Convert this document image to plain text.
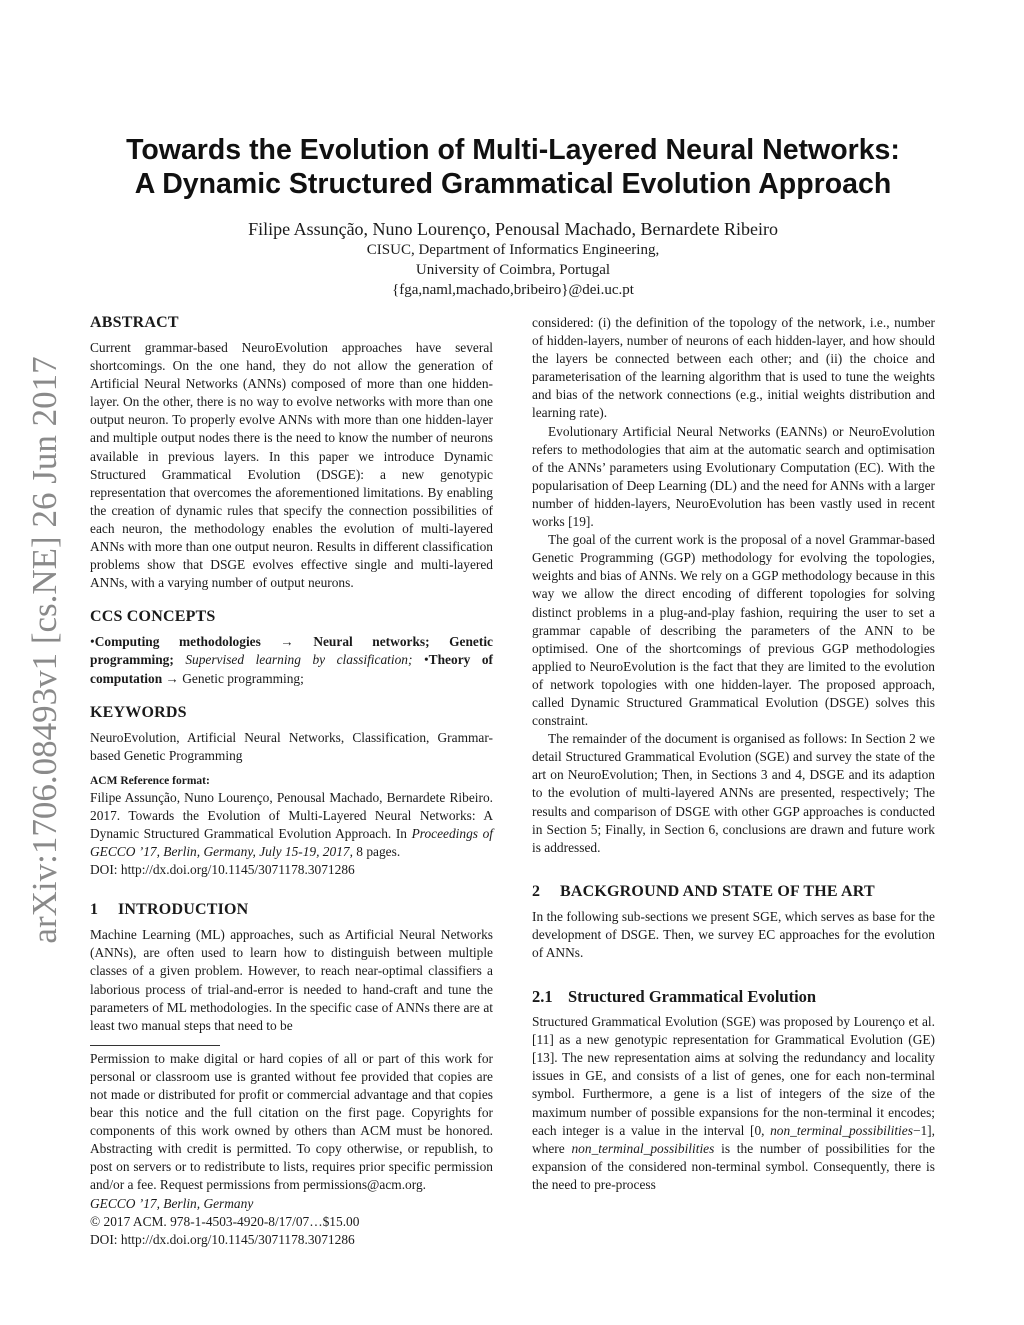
arXiv:1706.08493v1 [cs.NE] 26 Jun 2017
Towards the Evolution of Multi-Layered Neural Networks:
A Dynamic Structured Grammatical Evolution Approach
Filipe Assunção, Nuno Lourenço, Penousal Machado, Bernardete Ribeiro
CISUC, Department of Informatics Engineering,
University of Coimbra, Portugal
{fga,naml,machado,bribeiro}@dei.uc.pt
ABSTRACT

Current grammar-based NeuroEvolution approaches have several shortcomings. On the one hand, they do not allow the generation of Artificial Neural Networks (ANNs) composed of more than one hidden-layer. On the other, there is no way to evolve networks with more than one output neuron. To properly evolve ANNs with more than one hidden-layer and multiple output nodes there is the need to know the number of neurons available in previous layers. In this paper we introduce Dynamic Structured Grammatical Evolution (DSGE): a new genotypic representation that overcomes the aforementioned limitations. By enabling the creation of dynamic rules that specify the connection possibilities of each neuron, the methodology enables the evolution of multi-layered ANNs with more than one output neuron. Results in different classification problems show that DSGE evolves effective single and multi-layered ANNs, with a varying number of output neurons.

CCS CONCEPTS

•Computing methodologies → Neural networks; Genetic programming; Supervised learning by classification; •Theory of computation → Genetic programming;

KEYWORDS

NeuroEvolution, Artificial Neural Networks, Classification, Grammar-based Genetic Programming

ACM Reference format:

Filipe Assunção, Nuno Lourenço, Penousal Machado, Bernardete Ribeiro. 2017. Towards the Evolution of Multi-Layered Neural Networks: A Dynamic Structured Grammatical Evolution Approach. In Proceedings of GECCO ’17, Berlin, Germany, July 15-19, 2017, 8 pages.

DOI: http://dx.doi.org/10.1145/3071178.3071286

1 INTRODUCTION

Machine Learning (ML) approaches, such as Artificial Neural Networks (ANNs), are often used to learn how to distinguish between multiple classes of a given problem. However, to reach near-optimal classifiers a laborious process of trial-and-error is needed to hand-craft and tune the parameters of ML methodologies. In the specific case of ANNs there are at least two manual steps that need to be

Permission to make digital or hard copies of all or part of this work for personal or classroom use is granted without fee provided that copies are not made or distributed for profit or commercial advantage and that copies bear this notice and the full citation on the first page. Copyrights for components of this work owned by others than ACM must be honored. Abstracting with credit is permitted. To copy otherwise, or republish, to post on servers or to redistribute to lists, requires prior specific permission and/or a fee. Request permissions from permissions@acm.org.

GECCO ’17, Berlin, Germany

© 2017 ACM. 978-1-4503-4920-8/17/07…$15.00

DOI: http://dx.doi.org/10.1145/3071178.3071286

considered: (i) the definition of the topology of the network, i.e., number of hidden-layers, number of neurons of each hidden-layer, and how should the layers be connected between each other; and (ii) the choice and parameterisation of the learning algorithm that is used to tune the weights and bias of the network connections (e.g., initial weights distribution and learning rate).

Evolutionary Artificial Neural Networks (EANNs) or NeuroEvolution refers to methodologies that aim at the automatic search and optimisation of the ANNs’ parameters using Evolutionary Computation (EC). With the popularisation of Deep Learning (DL) and the need for ANNs with a larger number of hidden-layers, NeuroEvolution has been vastly used in recent works [19].

The goal of the current work is the proposal of a novel Grammar-based Genetic Programming (GGP) methodology for evolving the topologies, weights and bias of ANNs. We rely on a GGP methodology because in this way we allow the direct encoding of different topologies for solving distinct problems in a plug-and-play fashion, requiring the user to set a grammar capable of describing the parameters of the ANN to be optimised. One of the shortcomings of previous GGP methodologies applied to NeuroEvolution is the fact that they are limited to the evolution of network topologies with one hidden-layer. The proposed approach, called Dynamic Structured Grammatical Evolution (DSGE) solves this constraint.

The remainder of the document is organised as follows: In Section 2 we detail Structured Grammatical Evolution (SGE) and survey the state of the art on NeuroEvolution; Then, in Sections 3 and 4, DSGE and its adaption to the evolution of multi-layered ANNs are presented, respectively; The results and comparison of DSGE with other GGP approaches is conducted in Section 5; Finally, in Section 6, conclusions are drawn and future work is addressed.

2 BACKGROUND AND STATE OF THE ART

In the following sub-sections we present SGE, which serves as base for the development of DSGE. Then, we survey EC approaches for the evolution of ANNs.

2.1 Structured Grammatical Evolution

Structured Grammatical Evolution (SGE) was proposed by Lourenço et al. [11] as a new genotypic representation for Grammatical Evolution (GE) [13]. The new representation aims at solving the redundancy and locality issues in GE, and consists of a list of genes, one for each non-terminal symbol. Furthermore, a gene is a list of integers of the size of the maximum number of possible expansions for the non-terminal it encodes; each integer is a value in the interval [0, non_terminal_possibilities−1], where non_terminal_possibilities is the number of possibilities for the expansion of the considered non-terminal symbol. Consequently, there is the need to pre-process
